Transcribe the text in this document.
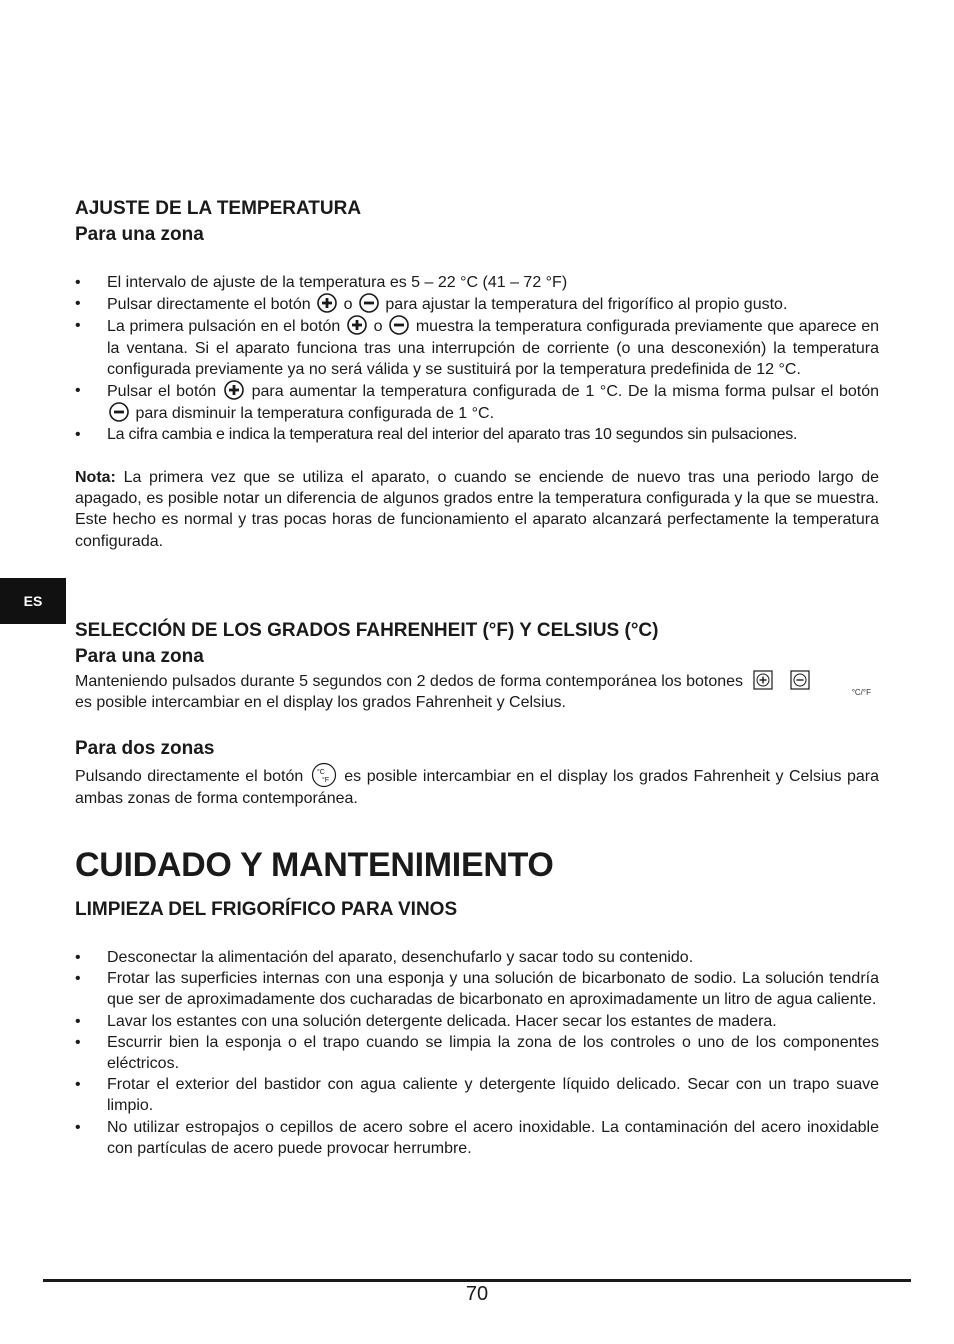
ES
AJUSTE DE LA TEMPERATURA
Para una zona
• El intervalo de ajuste de la temperatura es 5 – 22 °C (41 – 72 °F)
• Pulsar directamente el botón o para ajustar la temperatura del frigorífico al propio gusto.
• La primera pulsación en el botón o muestra la temperatura configurada previamente que aparece en la ventana. Si el aparato funciona tras una interrupción de corriente (o una desconexión) la temperatura configurada previamente ya no será válida y se sustituirá por la temperatura predefinida de 12 °C.
• Pulsar el botón para aumentar la temperatura configurada de 1 °C. De la misma forma pulsar el botón
para disminuir la temperatura configurada de 1 °C.
• La cifra cambia e indica la temperatura real del interior del aparato tras 10 segundos sin pulsaciones.

Nota: La primera vez que se utiliza el aparato, o cuando se enciende de nuevo tras una periodo largo de apagado, es posible notar un diferencia de algunos grados entre la temperatura configurada y la que se muestra. Este hecho es normal y tras pocas horas de funcionamiento el aparato alcanzará perfectamente la temperatura configurada.

SELECCIÓN DE LOS GRADOS FAHRENHEIT (°F) Y CELSIUS (°C)
Para una zona

Manteniendo pulsados durante 5 segundos con 2 dedos de forma contemporánea los botones

es posible intercambiar en el display los grados Fahrenheit y Celsius.

°C/°F
Para dos zonas

Pulsando directamente el botón °C
°F es posible intercambiar en el display los grados Fahrenheit y Celsius para ambas zonas de forma contemporánea.

CUIDADO Y MANTENIMIENTO
LIMPIEZA DEL FRIGORÍFICO PARA VINOS
• Desconectar la alimentación del aparato, desenchufarlo y sacar todo su contenido.
• Frotar las superficies internas con una esponja y una solución de bicarbonato de sodio. La solución tendría que ser de aproximadamente dos cucharadas de bicarbonato en aproximadamente un litro de agua caliente.
• Lavar los estantes con una solución detergente delicada. Hacer secar los estantes de madera.
• Escurrir bien la esponja o el trapo cuando se limpia la zona de los controles o uno de los componentes eléctricos.
• Frotar el exterior del bastidor con agua caliente y detergente líquido delicado. Secar con un trapo suave limpio.
• No utilizar estropajos o cepillos de acero sobre el acero inoxidable. La contaminación del acero inoxidable con partículas de acero puede provocar herrumbre.
70
